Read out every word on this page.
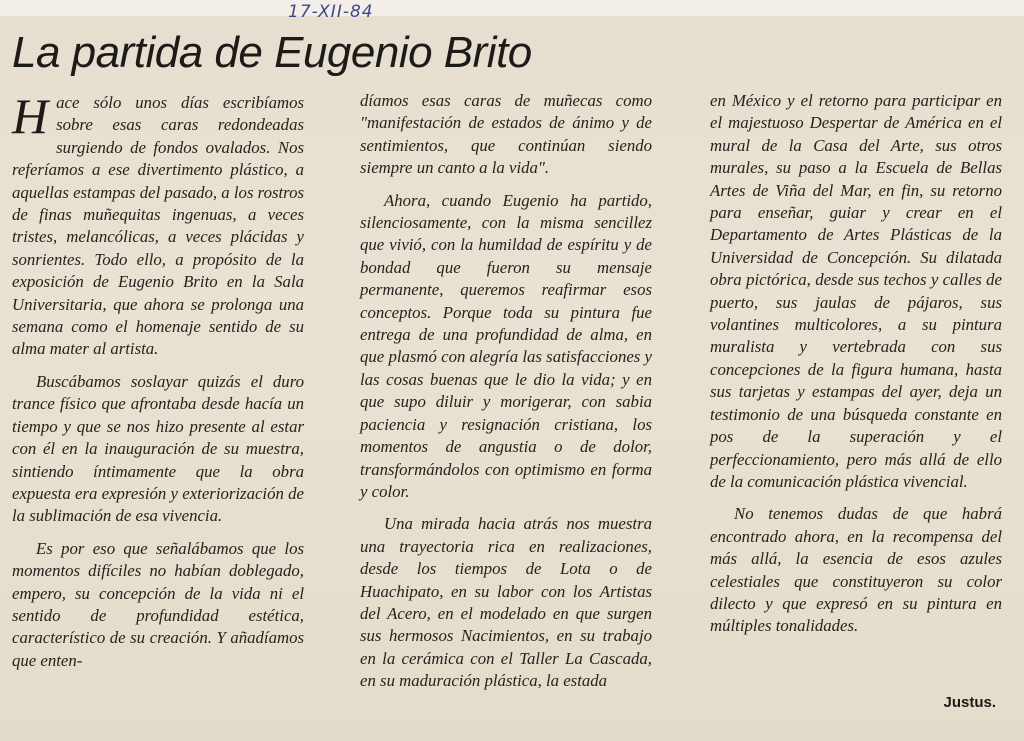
17-XII-84
La partida de Eugenio Brito

Hace sólo unos días escribíamos sobre esas caras redondeadas surgiendo de fondos ovalados. Nos referíamos a ese divertimento plástico, a aquellas estampas del pasado, a los rostros de finas muñequitas ingenuas, a veces tristes, melancólicas, a veces plácidas y sonrientes. Todo ello, a propósito de la exposición de Eugenio Brito en la Sala Universitaria, que ahora se prolonga una semana como el homenaje sentido de su alma mater al artista.

Buscábamos soslayar quizás el duro trance físico que afrontaba desde hacía un tiempo y que se nos hizo presente al estar con él en la inauguración de su muestra, sintiendo íntimamente que la obra expuesta era expresión y exteriorización de la sublimación de esa vivencia.

Es por eso que señalábamos que los momentos difíciles no habían doblegado, empero, su concepción de la vida ni el sentido de profundidad estética, característico de su creación. Y añadíamos que enten-

díamos esas caras de muñecas como "manifestación de estados de ánimo y de sentimientos, que continúan siendo siempre un canto a la vida".

Ahora, cuando Eugenio ha partido, silenciosamente, con la misma sencillez que vivió, con la humildad de espíritu y de bondad que fueron su mensaje permanente, queremos reafirmar esos conceptos. Porque toda su pintura fue entrega de una profundidad de alma, en que plasmó con alegría las satisfacciones y las cosas buenas que le dio la vida; y en que supo diluir y morigerar, con sabia paciencia y resignación cristiana, los momentos de angustia o de dolor, transformándolos con optimismo en forma y color.

Una mirada hacia atrás nos muestra una trayectoria rica en realizaciones, desde los tiempos de Lota o de Huachipato, en su labor con los Artistas del Acero, en el modelado en que surgen sus hermosos Nacimientos, en su trabajo en la cerámica con el Taller La Cascada, en su maduración plástica, la estada

en México y el retorno para participar en el majestuoso Despertar de América en el mural de la Casa del Arte, sus otros murales, su paso a la Escuela de Bellas Artes de Viña del Mar, en fin, su retorno para enseñar, guiar y crear en el Departamento de Artes Plásticas de la Universidad de Concepción. Su dilatada obra pictórica, desde sus techos y calles de puerto, sus jaulas de pájaros, sus volantines multicolores, a su pintura muralista y vertebrada con sus concepciones de la figura humana, hasta sus tarjetas y estampas del ayer, deja un testimonio de una búsqueda constante en pos de la superación y el perfeccionamiento, pero más allá de ello de la comunicación plástica vivencial.

No tenemos dudas de que habrá encontrado ahora, en la recompensa del más allá, la esencia de esos azules celestiales que constituyeron su color dilecto y que expresó en su pintura en múltiples tonalidades.

Justus.
